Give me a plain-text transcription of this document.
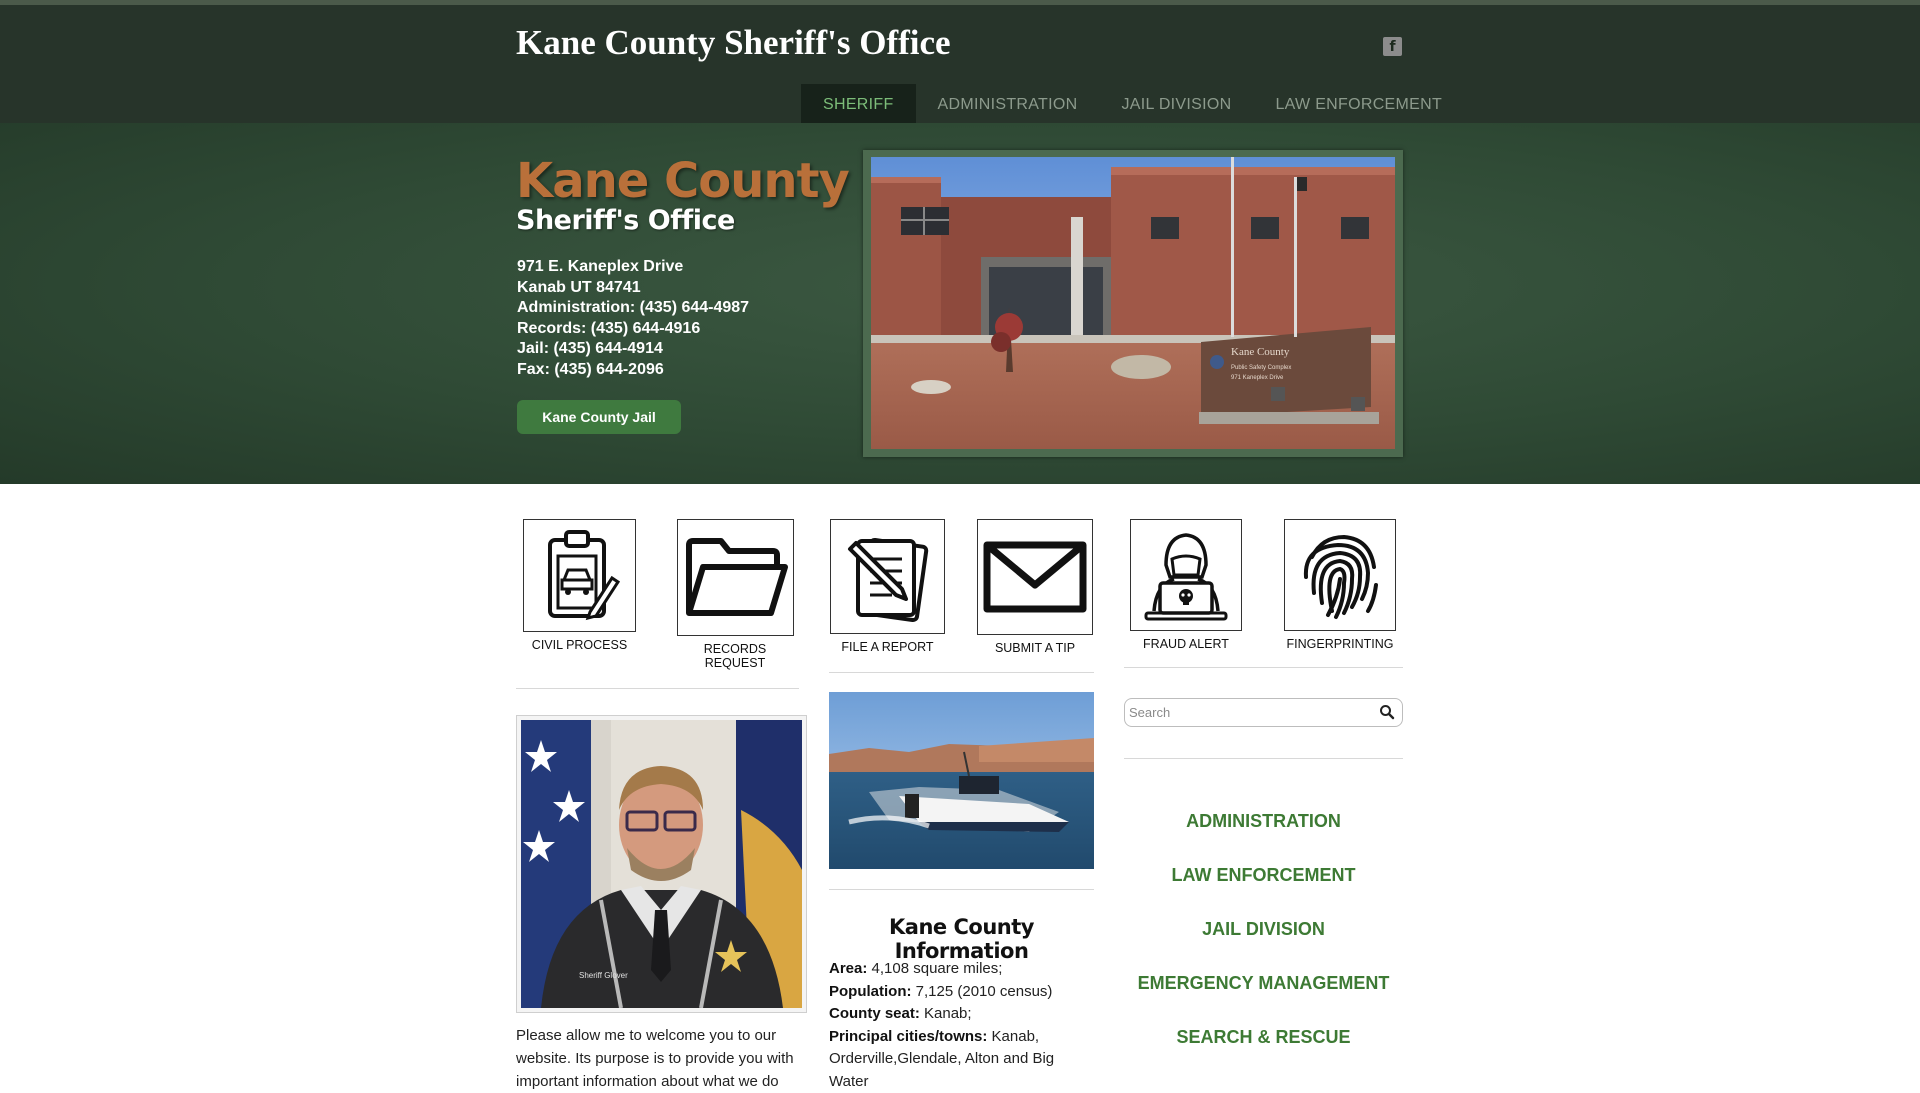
Kane County Sheriff's Office	f
SHERIFF	ADMINISTRATION	JAIL DIVISION	LAW ENFORCEMENT
Kane County
Sheriff's Office
971 E. Kaneplex Drive
Kanab UT 84741
Administration: (435) 644-4987
Records: (435) 644-4916
Jail: (435) 644-4914
Fax: (435) 644-2096
Kane County Jail
Kane County
Public Safety Complex
971 Kaneplex Drive
CIVIL PROCESS	RECORDS REQUEST
FILE A REPORT	SUBMIT A TIP	FRAUD ALERT	FINGERPRINTING
Sheriff Glover
Please allow me to welcome you to our website. Its purpose is to provide you with important information about what we do
Kane County Information
Area: 4,108 square miles;
Population: 7,125 (2010 census)
County seat: Kanab;
Principal cities/towns: Kanab, Orderville,Glendale, Alton and Big Water
Search
ADMINISTRATION
LAW ENFORCEMENT
JAIL DIVISION
EMERGENCY MANAGEMENT
SEARCH & RESCUE
